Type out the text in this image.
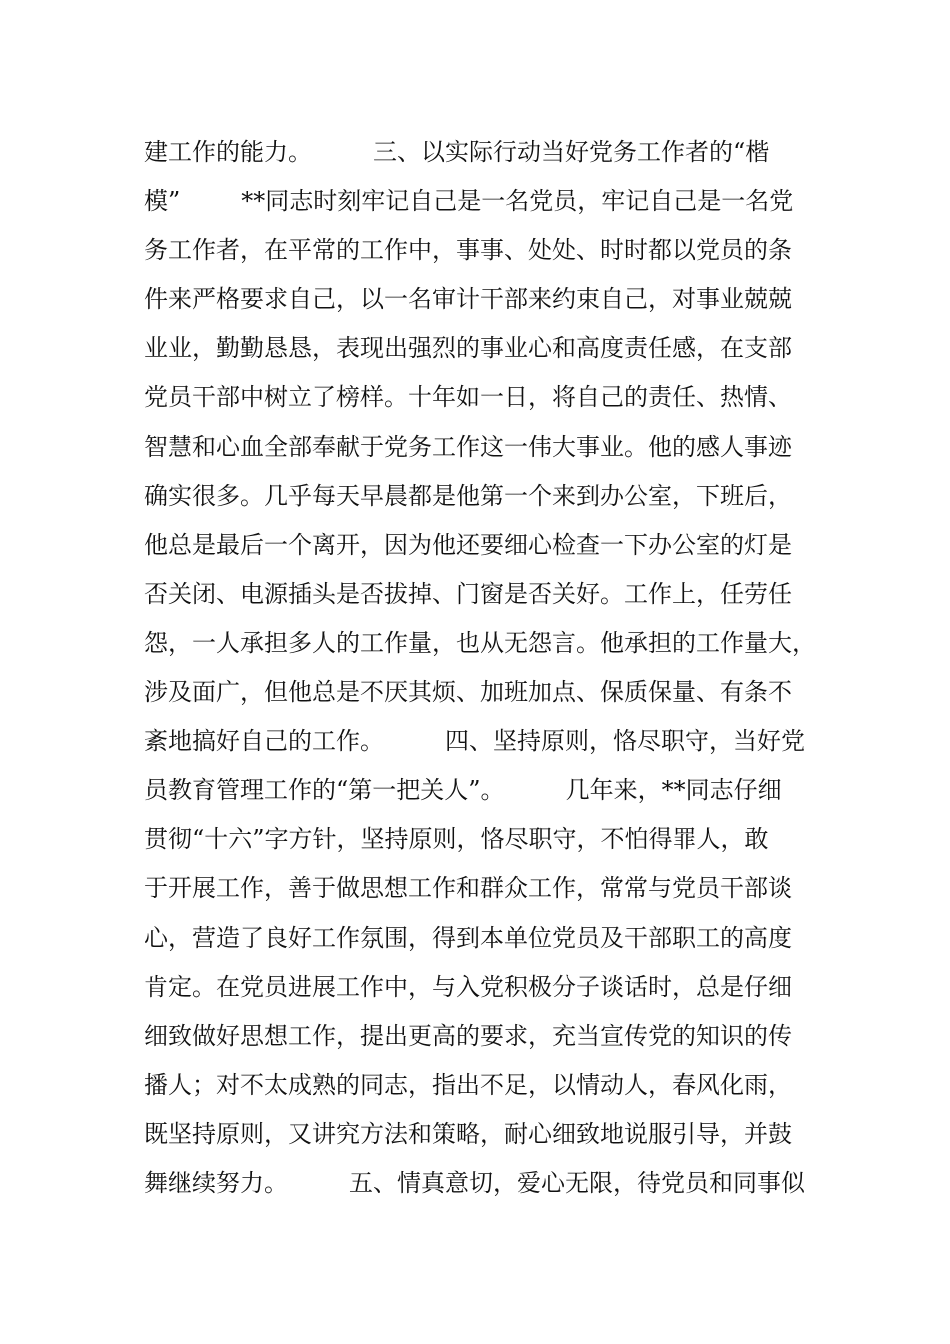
建工作的能力。        三、以实际行动当好党务工作者的“楷
模”        **同志时刻牢记自己是一名党员，牢记自己是一名党
务工作者，在平常的工作中，事事、处处、时时都以党员的条
件来严格要求自己，以一名审计干部来约束自己，对事业兢兢
业业，勤勤恳恳，表现出强烈的事业心和高度责任感，在支部
党员干部中树立了榜样。十年如一日，将自己的责任、热情、
智慧和心血全部奉献于党务工作这一伟大事业。他的感人事迹
确实很多。几乎每天早晨都是他第一个来到办公室，下班后，
他总是最后一个离开，因为他还要细心检查一下办公室的灯是
否关闭、电源插头是否拔掉、门窗是否关好。工作上，任劳任
怨，一人承担多人的工作量，也从无怨言。他承担的工作量大，
涉及面广，但他总是不厌其烦、加班加点、保质保量、有条不
紊地搞好自己的工作。        四、坚持原则，恪尽职守，当好党
员教育管理工作的“第一把关人”。        几年来，**同志仔细
贯彻“十六”字方针，坚持原则，恪尽职守，不怕得罪人，敢
于开展工作，善于做思想工作和群众工作，常常与党员干部谈
心，营造了良好工作氛围，得到本单位党员及干部职工的高度
肯定。在党员进展工作中，与入党积极分子谈话时，总是仔细
细致做好思想工作，提出更高的要求，充当宣传党的知识的传
播人；对不太成熟的同志，指出不足，以情动人，春风化雨，
既坚持原则，又讲究方法和策略，耐心细致地说服引导，并鼓
舞继续努力。        五、情真意切，爱心无限，待党员和同事似
